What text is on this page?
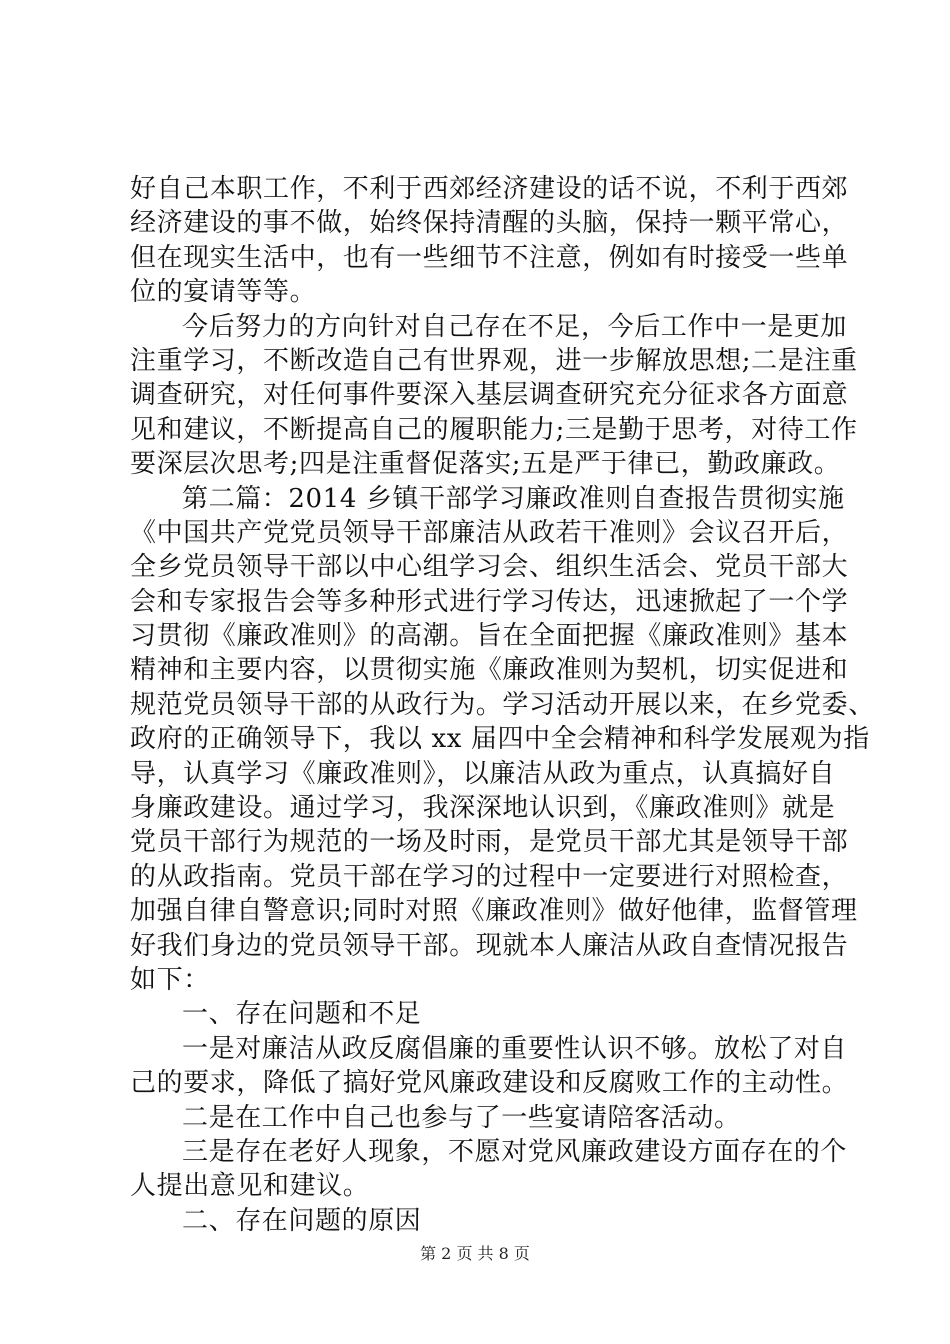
好自己本职工作，不利于西郊经济建设的话不说，不利于西郊
经济建设的事不做，始终保持清醒的头脑，保持一颗平常心，
但在现实生活中，也有一些细节不注意，例如有时接受一些单
位的宴请等等。
今后努力的方向针对自己存在不足，今后工作中一是更加
注重学习，不断改造自己有世界观，进一步解放思想;二是注重
调查研究，对任何事件要深入基层调查研究充分征求各方面意
见和建议，不断提高自己的履职能力;三是勤于思考，对待工作
要深层次思考;四是注重督促落实;五是严于律已，勤政廉政。
第二篇：2014 乡镇干部学习廉政准则自查报告贯彻实施
《中国共产党党员领导干部廉洁从政若干准则》会议召开后，
全乡党员领导干部以中心组学习会、组织生活会、党员干部大
会和专家报告会等多种形式进行学习传达，迅速掀起了一个学
习贯彻《廉政准则》的高潮。旨在全面把握《廉政准则》基本
精神和主要内容，以贯彻实施《廉政准则为契机，切实促进和
规范党员领导干部的从政行为。学习活动开展以来，在乡党委、
政府的正确领导下，我以 xx 届四中全会精神和科学发展观为指
导，认真学习《廉政准则》，以廉洁从政为重点，认真搞好自
身廉政建设。通过学习，我深深地认识到，《廉政准则》就是
党员干部行为规范的一场及时雨，是党员干部尤其是领导干部
的从政指南。党员干部在学习的过程中一定要进行对照检查，
加强自律自警意识;同时对照《廉政准则》做好他律，监督管理
好我们身边的党员领导干部。现就本人廉洁从政自查情况报告
如下：
一、存在问题和不足
一是对廉洁从政反腐倡廉的重要性认识不够。放松了对自
己的要求，降低了搞好党风廉政建设和反腐败工作的主动性。
二是在工作中自己也参与了一些宴请陪客活动。
三是存在老好人现象，不愿对党风廉政建设方面存在的个
人提出意见和建议。
二、存在问题的原因
第 2 页 共 8 页
